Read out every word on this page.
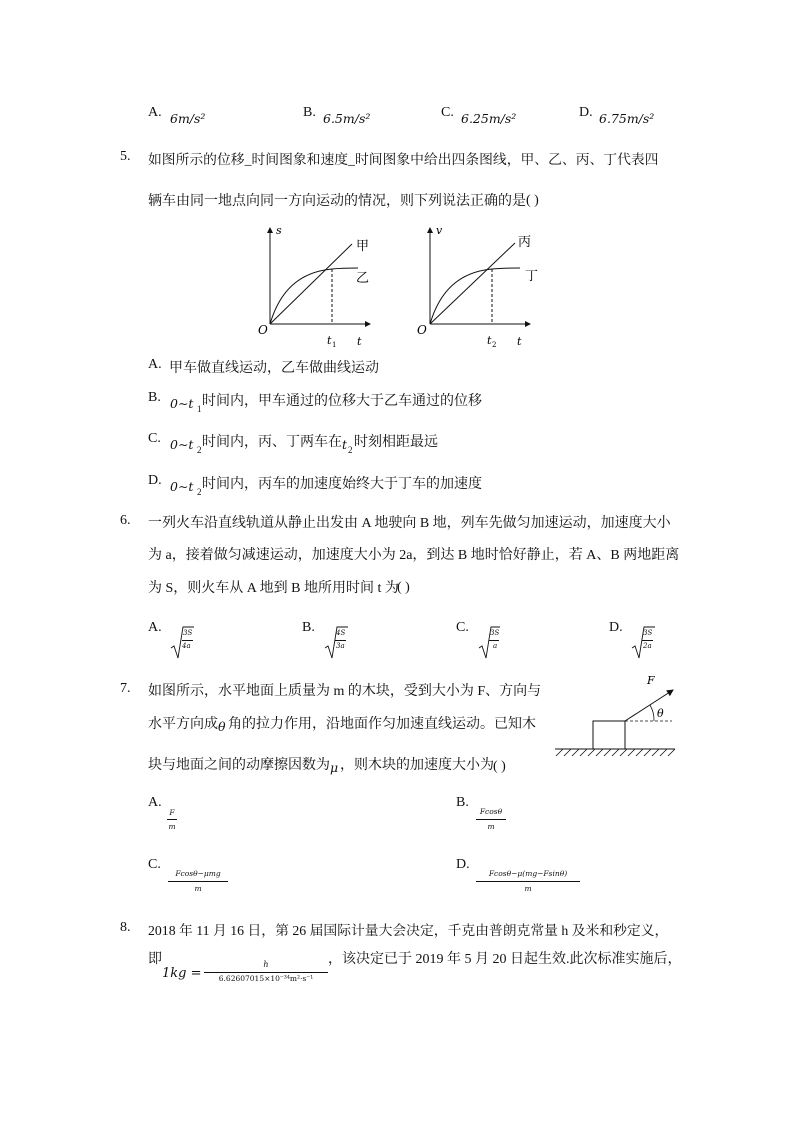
A. 6m/s²	B. 6.5m/s²	C. 6.25m/s²	D. 6.75m/s²
5. 如图所示的位移_时间图象和速度_时间图象中给出四条图线，甲、乙、丙、丁代表四
辆车由同一地点向同一方向运动的情况，则下列说法正确的是 ( )
s
O
t
t 1
甲
乙
v
O
t
t 2
丙
丁
A. 甲车做直线运动，乙车做曲线运动
B. 0∼t 1 时间内，甲车通过的位移大于乙车通过的位移
C. 0∼t 2 时间内，丙、丁两车在 t 2 时刻相距最远
D. 0∼t 2 时间内，丙车的加速度始终大于丁车的加速度
6. 一列火车沿直线轨道从静止出发由 A 地驶向 B 地，列车先做匀加速运动，加速度大小
为 a，接着做匀减速运动，加速度大小为 2a，到达 B 地时恰好静止，若 A、B 两地距离
为 S，则火车从 A 地到 B 地所用时间 t 为
( )
A.	3S
4a
B.	4S
3a
C.	3S
a
D.	3S
2a
7. 如图所示，水平地面上质量为 m 的木块，受到大小为 F、方向与
水平方向成 θ 角的拉力作用，沿地面作匀加速直线运动。已知木
块与地面之间的动摩擦因数为 μ ，则木块的加速度大小为 ( )
F
θ
A.
F
m
B.
Fcosθ
m
C.
Fcosθ−μmg
m
D.
Fcosθ−μ(mg−Fsinθ)
m
8. 2018 年 11 月 16 日，第 26 届国际计量大会决定，千克由普朗克常量 h 及米和秒定义，
即
1kg =
h
6.62607015×10⁻³⁴m²·s⁻¹
，该决定已于 2019 年 5 月 20 日起生效.此次标准实施后，
